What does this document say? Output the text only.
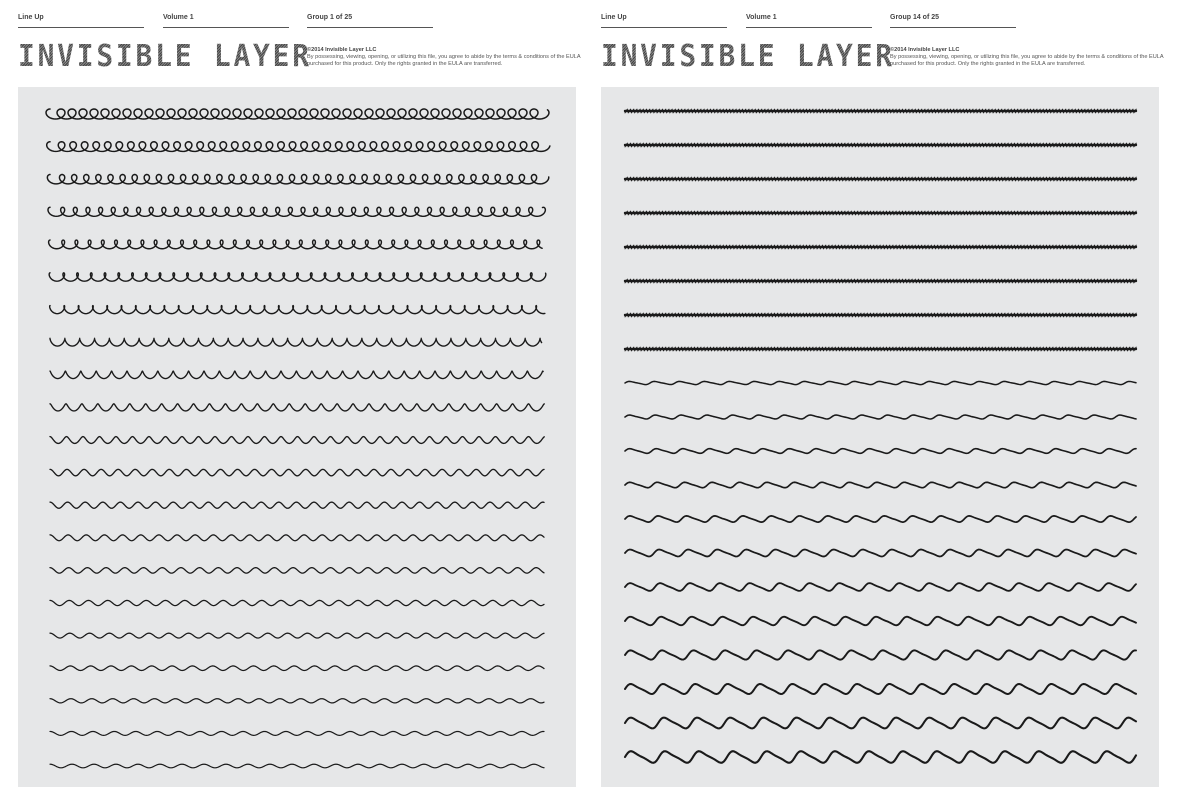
Line Up	Volume 1	Group 1 of 25
INVISIBLE LAYER
©2014 Invisible Layer LLC
By possessing, viewing, opening, or utilizing this file, you agree to abide by the terms & conditions of the EULA purchased for this product. Only the rights granted in the EULA are transferred.
Line Up	Volume 1	Group 14 of 25
INVISIBLE LAYER
©2014 Invisible Layer LLC
By possessing, viewing, opening, or utilizing this file, you agree to abide by the terms & conditions of the EULA purchased for this product. Only the rights granted in the EULA are transferred.
